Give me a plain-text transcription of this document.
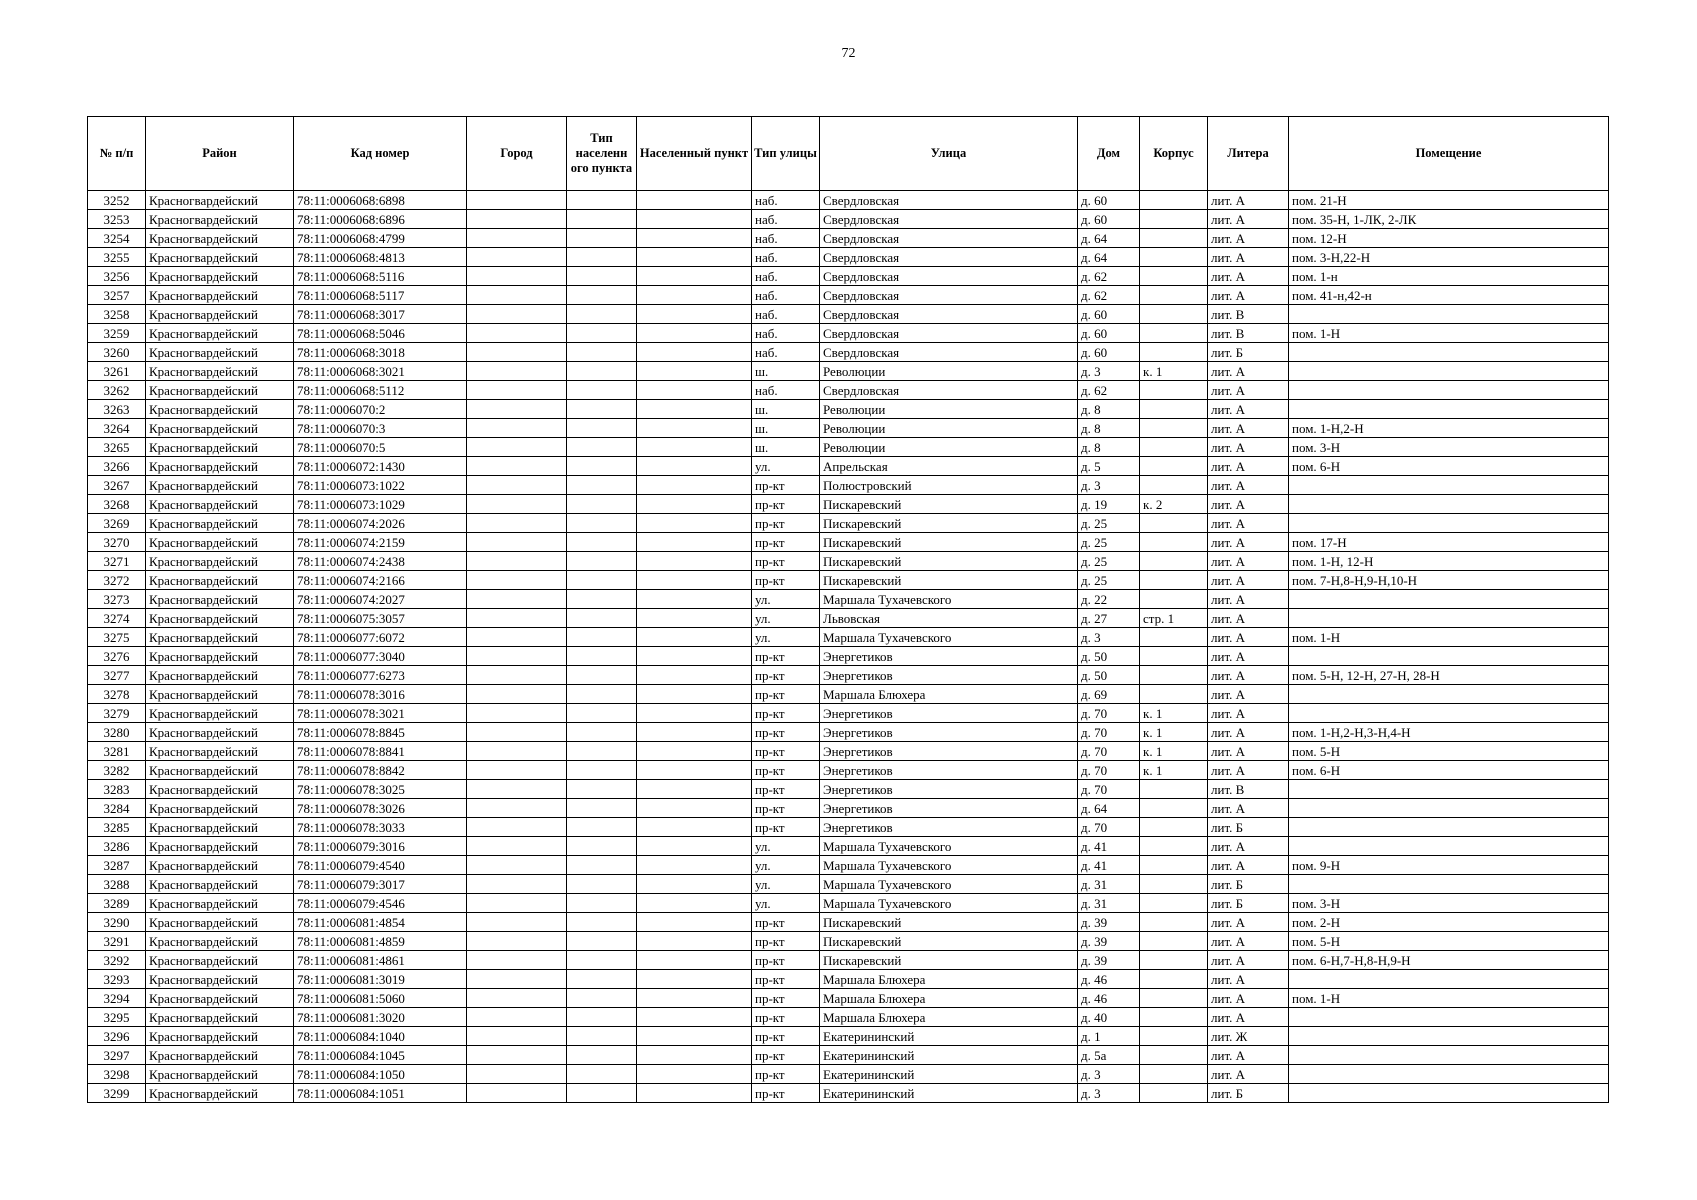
72
№ п/п	Район	Кад номер	Город	Тип населенн ого пункта	Населенный пункт	Тип улицы	Улица	Дом	Корпус	Литера	Помещение
3252	Красногвардейский	78:11:0006068:6898				наб.	Свердловская	д. 60		лит. А	пом. 21-Н
3253	Красногвардейский	78:11:0006068:6896				наб.	Свердловская	д. 60		лит. А	пом. 35-Н, 1-ЛК, 2-ЛК
3254	Красногвардейский	78:11:0006068:4799				наб.	Свердловская	д. 64		лит. А	пом. 12-Н
3255	Красногвардейский	78:11:0006068:4813				наб.	Свердловская	д. 64		лит. А	пом. 3-Н,22-Н
3256	Красногвардейский	78:11:0006068:5116				наб.	Свердловская	д. 62		лит. А	пом. 1-н
3257	Красногвардейский	78:11:0006068:5117				наб.	Свердловская	д. 62		лит. А	пом. 41-н,42-н
3258	Красногвардейский	78:11:0006068:3017				наб.	Свердловская	д. 60		лит. В	
3259	Красногвардейский	78:11:0006068:5046				наб.	Свердловская	д. 60		лит. В	пом. 1-Н
3260	Красногвардейский	78:11:0006068:3018				наб.	Свердловская	д. 60		лит. Б	
3261	Красногвардейский	78:11:0006068:3021				ш.	Революции	д. 3	к. 1	лит. А	
3262	Красногвардейский	78:11:0006068:5112				наб.	Свердловская	д. 62		лит. А	
3263	Красногвардейский	78:11:0006070:2				ш.	Революции	д. 8		лит. А	
3264	Красногвардейский	78:11:0006070:3				ш.	Революции	д. 8		лит. А	пом. 1-Н,2-Н
3265	Красногвардейский	78:11:0006070:5				ш.	Революции	д. 8		лит. А	пом. 3-Н
3266	Красногвардейский	78:11:0006072:1430				ул.	Апрельская	д. 5		лит. А	пом. 6-Н
3267	Красногвардейский	78:11:0006073:1022				пр-кт	Полюстровский	д. 3		лит. А	
3268	Красногвардейский	78:11:0006073:1029				пр-кт	Пискаревский	д. 19	к. 2	лит. А	
3269	Красногвардейский	78:11:0006074:2026				пр-кт	Пискаревский	д. 25		лит. А	
3270	Красногвардейский	78:11:0006074:2159				пр-кт	Пискаревский	д. 25		лит. А	пом. 17-Н
3271	Красногвардейский	78:11:0006074:2438				пр-кт	Пискаревский	д. 25		лит. А	пом. 1-Н, 12-Н
3272	Красногвардейский	78:11:0006074:2166				пр-кт	Пискаревский	д. 25		лит. А	пом. 7-Н,8-Н,9-Н,10-Н
3273	Красногвардейский	78:11:0006074:2027				ул.	Маршала Тухачевского	д. 22		лит. А	
3274	Красногвардейский	78:11:0006075:3057				ул.	Львовская	д. 27	стр. 1	лит. А	
3275	Красногвардейский	78:11:0006077:6072				ул.	Маршала Тухачевского	д. 3		лит. А	пом. 1-Н
3276	Красногвардейский	78:11:0006077:3040				пр-кт	Энергетиков	д. 50		лит. А	
3277	Красногвардейский	78:11:0006077:6273				пр-кт	Энергетиков	д. 50		лит. А	пом. 5-Н, 12-Н, 27-Н, 28-Н
3278	Красногвардейский	78:11:0006078:3016				пр-кт	Маршала Блюхера	д. 69		лит. А	
3279	Красногвардейский	78:11:0006078:3021				пр-кт	Энергетиков	д. 70	к. 1	лит. А	
3280	Красногвардейский	78:11:0006078:8845				пр-кт	Энергетиков	д. 70	к. 1	лит. А	пом. 1-Н,2-Н,3-Н,4-Н
3281	Красногвардейский	78:11:0006078:8841				пр-кт	Энергетиков	д. 70	к. 1	лит. А	пом. 5-Н
3282	Красногвардейский	78:11:0006078:8842				пр-кт	Энергетиков	д. 70	к. 1	лит. А	пом. 6-Н
3283	Красногвардейский	78:11:0006078:3025				пр-кт	Энергетиков	д. 70		лит. В	
3284	Красногвардейский	78:11:0006078:3026				пр-кт	Энергетиков	д. 64		лит. А	
3285	Красногвардейский	78:11:0006078:3033				пр-кт	Энергетиков	д. 70		лит. Б	
3286	Красногвардейский	78:11:0006079:3016				ул.	Маршала Тухачевского	д. 41		лит. А	
3287	Красногвардейский	78:11:0006079:4540				ул.	Маршала Тухачевского	д. 41		лит. А	пом. 9-Н
3288	Красногвардейский	78:11:0006079:3017				ул.	Маршала Тухачевского	д. 31		лит. Б	
3289	Красногвардейский	78:11:0006079:4546				ул.	Маршала Тухачевского	д. 31		лит. Б	пом. 3-Н
3290	Красногвардейский	78:11:0006081:4854				пр-кт	Пискаревский	д. 39		лит. А	пом. 2-Н
3291	Красногвардейский	78:11:0006081:4859				пр-кт	Пискаревский	д. 39		лит. А	пом. 5-Н
3292	Красногвардейский	78:11:0006081:4861				пр-кт	Пискаревский	д. 39		лит. А	пом. 6-Н,7-Н,8-Н,9-Н
3293	Красногвардейский	78:11:0006081:3019				пр-кт	Маршала Блюхера	д. 46		лит. А	
3294	Красногвардейский	78:11:0006081:5060				пр-кт	Маршала Блюхера	д. 46		лит. А	пом. 1-Н
3295	Красногвардейский	78:11:0006081:3020				пр-кт	Маршала Блюхера	д. 40		лит. А	
3296	Красногвардейский	78:11:0006084:1040				пр-кт	Екатерининский	д. 1		лит. Ж	
3297	Красногвардейский	78:11:0006084:1045				пр-кт	Екатерининский	д. 5а		лит. А	
3298	Красногвардейский	78:11:0006084:1050				пр-кт	Екатерининский	д. 3		лит. А	
3299	Красногвардейский	78:11:0006084:1051				пр-кт	Екатерининский	д. 3		лит. Б	
